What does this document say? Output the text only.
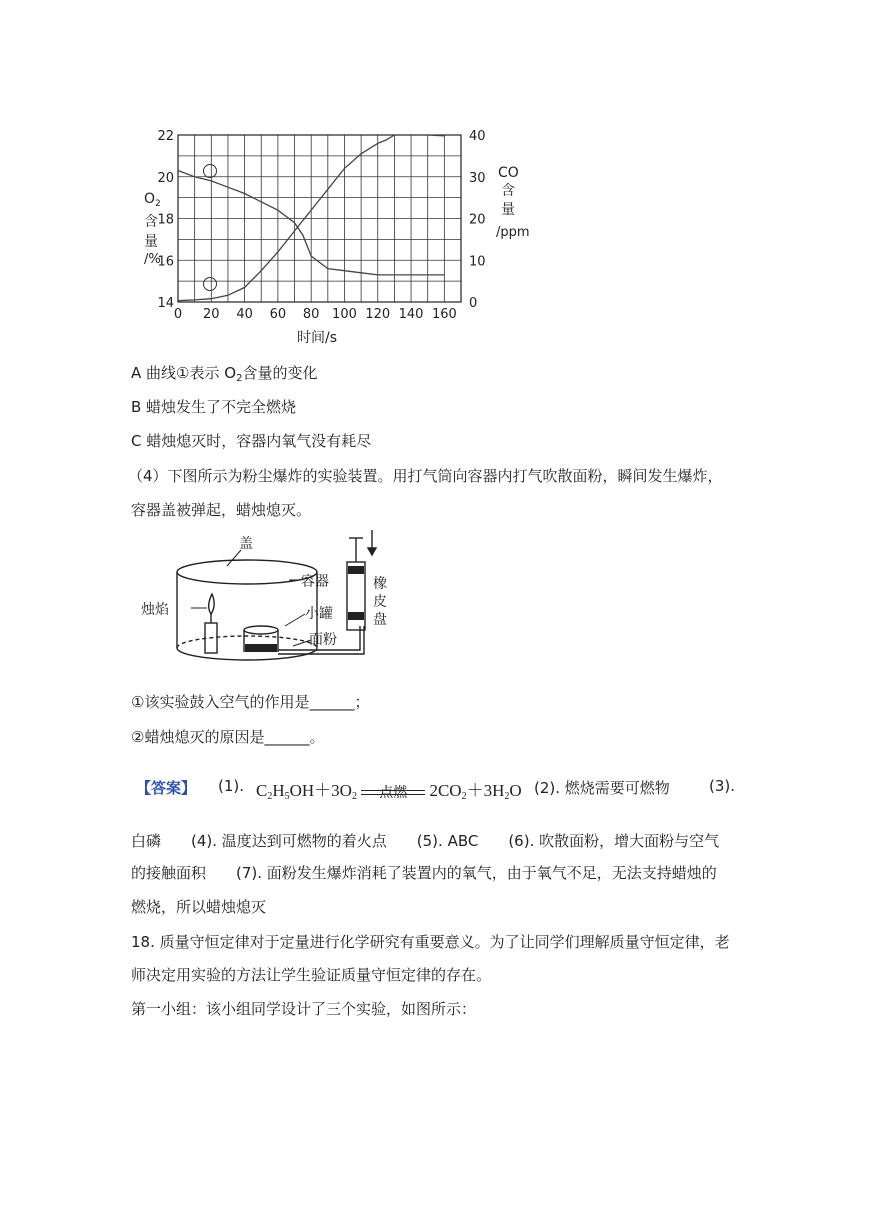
0 20 40 60 80 100 120 140 160
22
20
18
16
14
40
30
20
10
0
$O_2$
含
量
/%
CO
含
量
/ppm
时间/s
A 曲线①表示 $O_2$含量的变化
B 蜡烛发生了不完全燃烧
C 蜡烛熄灭时，容器内氧气没有耗尽
（4）下图所示为粉尘爆炸的实验装置。用打气筒向容器内打气吹散面粉，瞬间发生爆炸，
容器盖被弹起，蜡烛熄灭。
盖
容器
烛焰	小罐
面粉
橡
皮
盘
①该实验鼓入空气的作用是______；
②蜡烛熄灭的原因是______。
【答案】 (1). $C_2H_5OH+3O_2$	点燃	$2CO_2+3H_2O$ (2). 燃烧需要可燃物	(3).
白磷　　(4). 温度达到可燃物的着火点　　(5). ABC　　(6). 吹散面粉，增大面粉与空气
的接触面积　　(7). 面粉发生爆炸消耗了装置内的氧气，由于氧气不足，无法支持蜡烛的
燃烧，所以蜡烛熄灭
18. 质量守恒定律对于定量进行化学研究有重要意义。为了让同学们理解质量守恒定律，老
师决定用实验的方法让学生验证质量守恒定律的存在。
第一小组：该小组同学设计了三个实验，如图所示：
